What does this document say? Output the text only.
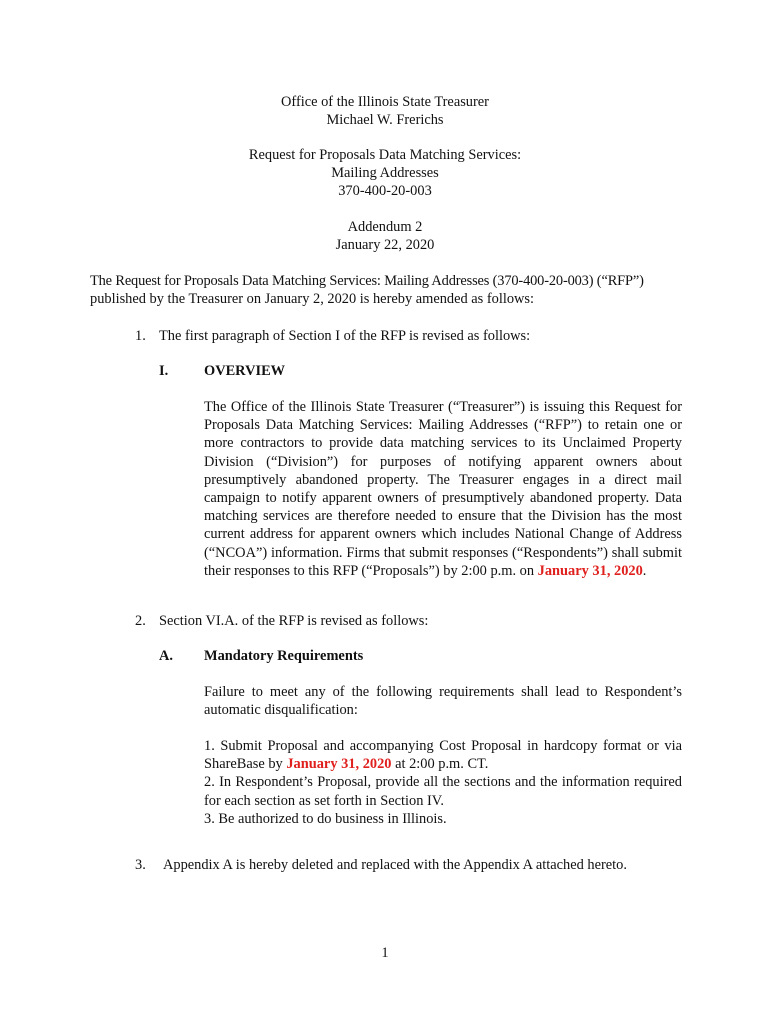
Office of the Illinois State Treasurer
Michael W. Frerichs
Request for Proposals Data Matching Services:
Mailing Addresses
370-400-20-003
Addendum 2
January 22, 2020
The Request for Proposals Data Matching Services: Mailing Addresses (370-400-20-003) (“RFP”)
published by the Treasurer on January 2, 2020 is hereby amended as follows:
1. The first paragraph of Section I of the RFP is revised as follows:
I. OVERVIEW
The Office of the Illinois State Treasurer (“Treasurer”) is issuing this Request for Proposals Data Matching Services: Mailing Addresses (“RFP”) to retain one or more contractors to provide data matching services to its Unclaimed Property Division (“Division”) for purposes of notifying apparent owners about presumptively abandoned property. The Treasurer engages in a direct mail campaign to notify apparent owners of presumptively abandoned property. Data matching services are therefore needed to ensure that the Division has the most current address for apparent owners which includes National Change of Address (“NCOA”) information. Firms that submit responses (“Respondents”) shall submit their responses to this RFP (“Proposals”) by 2:00 p.m. on January 31, 2020.
2. Section VI.A. of the RFP is revised as follows:
A. Mandatory Requirements
Failure to meet any of the following requirements shall lead to Respondent’s automatic disqualification:
1. Submit Proposal and accompanying Cost Proposal in hardcopy format or via ShareBase by January 31, 2020 at 2:00 p.m. CT.
2. In Respondent’s Proposal, provide all the sections and the information required for each section as set forth in Section IV.
3. Be authorized to do business in Illinois.
3. Appendix A is hereby deleted and replaced with the Appendix A attached hereto.
1
